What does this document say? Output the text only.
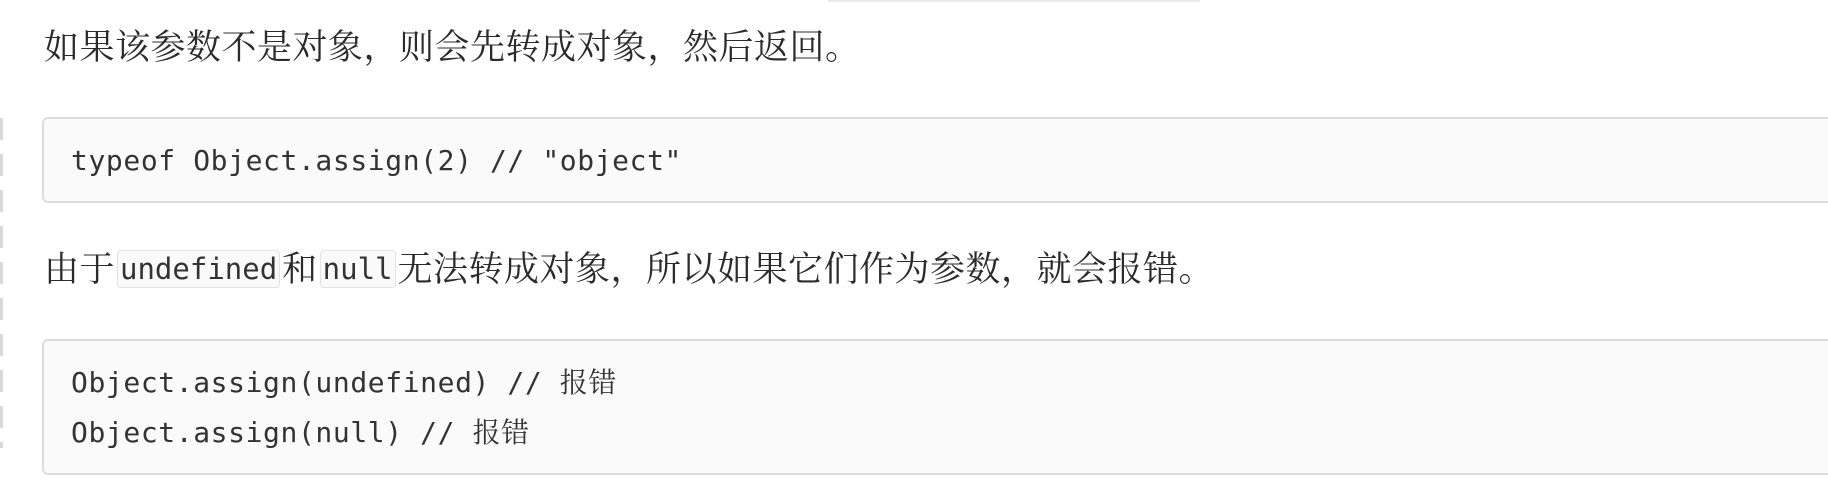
如果该参数不是对象，则会先转成对象，然后返回。

typeof Object.assign(2) // "object"

由于 undefined 和 null 无法转成对象，所以如果它们作为参数，就会报错。

Object.assign(undefined) // 报错
Object.assign(null) // 报错
